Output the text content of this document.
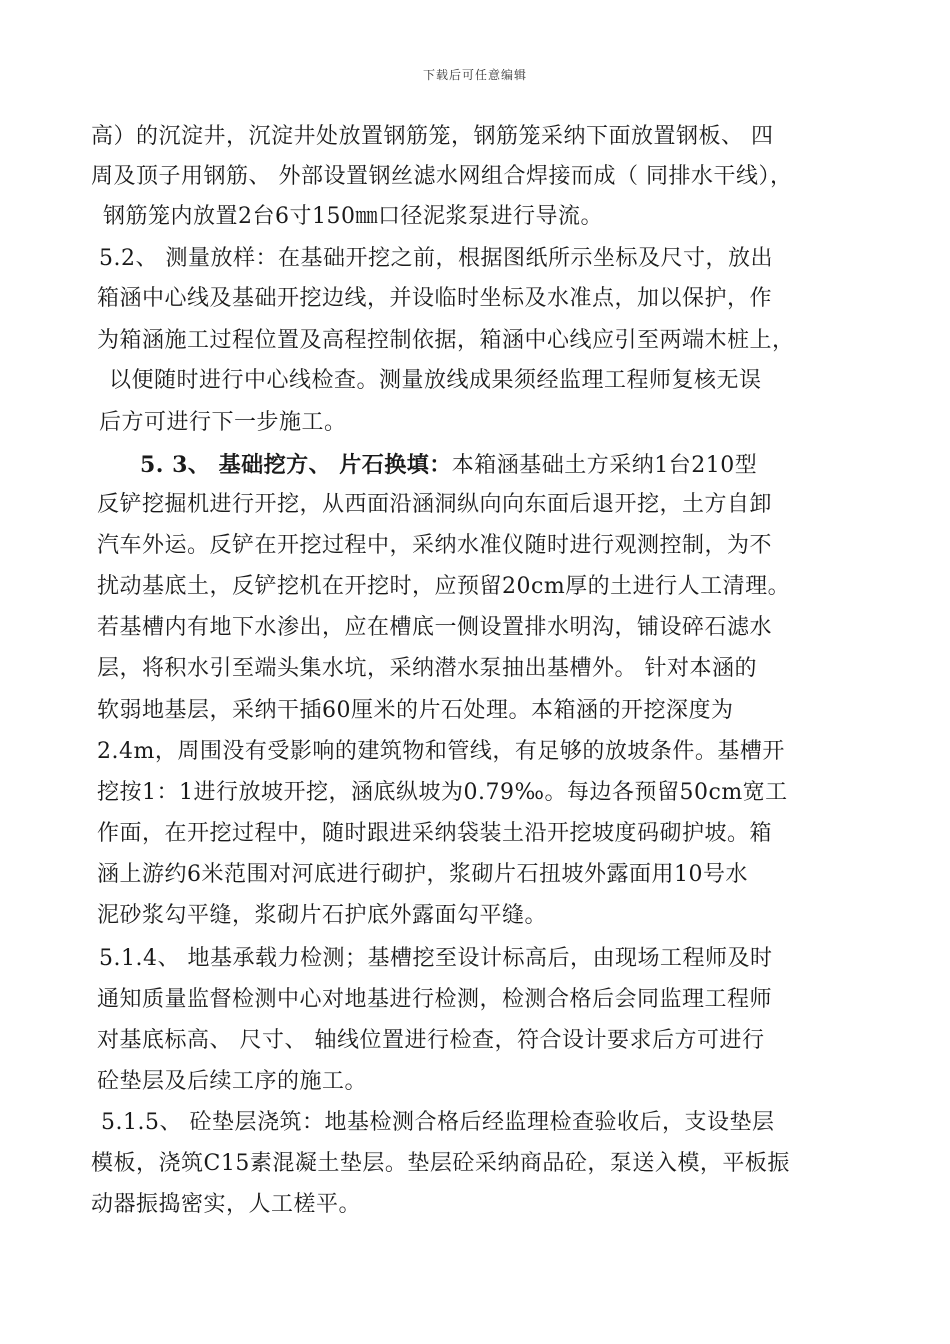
下载后可任意编辑
高）的沉淀井，沉淀井处放置钢筋笼，钢筋笼采纳下面放置钢板、 四
周及顶子用钢筋、 外部设置钢丝滤水网组合焊接而成（ 同排水干线），
钢筋笼内放置2台6寸150㎜口径泥浆泵进行导流。
5.2、 测量放样：在基础开挖之前，根据图纸所示坐标及尺寸，放出
箱涵中心线及基础开挖边线，并设临时坐标及水准点，加以保护，作
为箱涵施工过程位置及高程控制依据，箱涵中心线应引至两端木桩上，
以便随时进行中心线检查。测量放线成果须经监理工程师复核无误
后方可进行下一步施工。
5. 3、 基础挖方、 片石换填：本箱涵基础土方采纳1台210型
反铲挖掘机进行开挖，从西面沿涵洞纵向向东面后退开挖，土方自卸
汽车外运。反铲在开挖过程中，采纳水准仪随时进行观测控制，为不
扰动基底土，反铲挖机在开挖时，应预留20cm厚的土进行人工清理。
若基槽内有地下水渗出，应在槽底一侧设置排水明沟，铺设碎石滤水
层，将积水引至端头集水坑，采纳潜水泵抽出基槽外。 针对本涵的
软弱地基层，采纳干插60厘米的片石处理。本箱涵的开挖深度为
2.4m，周围没有受影响的建筑物和管线，有足够的放坡条件。基槽开
挖按1：1进行放坡开挖，涵底纵坡为0.79‰。每边各预留50cm宽工
作面，在开挖过程中，随时跟进采纳袋装土沿开挖坡度码砌护坡。箱
涵上游约6米范围对河底进行砌护，浆砌片石扭坡外露面用10号水
泥砂浆勾平缝，浆砌片石护底外露面勾平缝。
5.1.4、 地基承载力检测；基槽挖至设计标高后，由现场工程师及时
通知质量监督检测中心对地基进行检测，检测合格后会同监理工程师
对基底标高、 尺寸、 轴线位置进行检查，符合设计要求后方可进行
砼垫层及后续工序的施工。
5.1.5、 砼垫层浇筑：地基检测合格后经监理检查验收后，支设垫层
模板，浇筑C15素混凝土垫层。垫层砼采纳商品砼，泵送入模，平板振
动器振捣密实，人工槎平。
